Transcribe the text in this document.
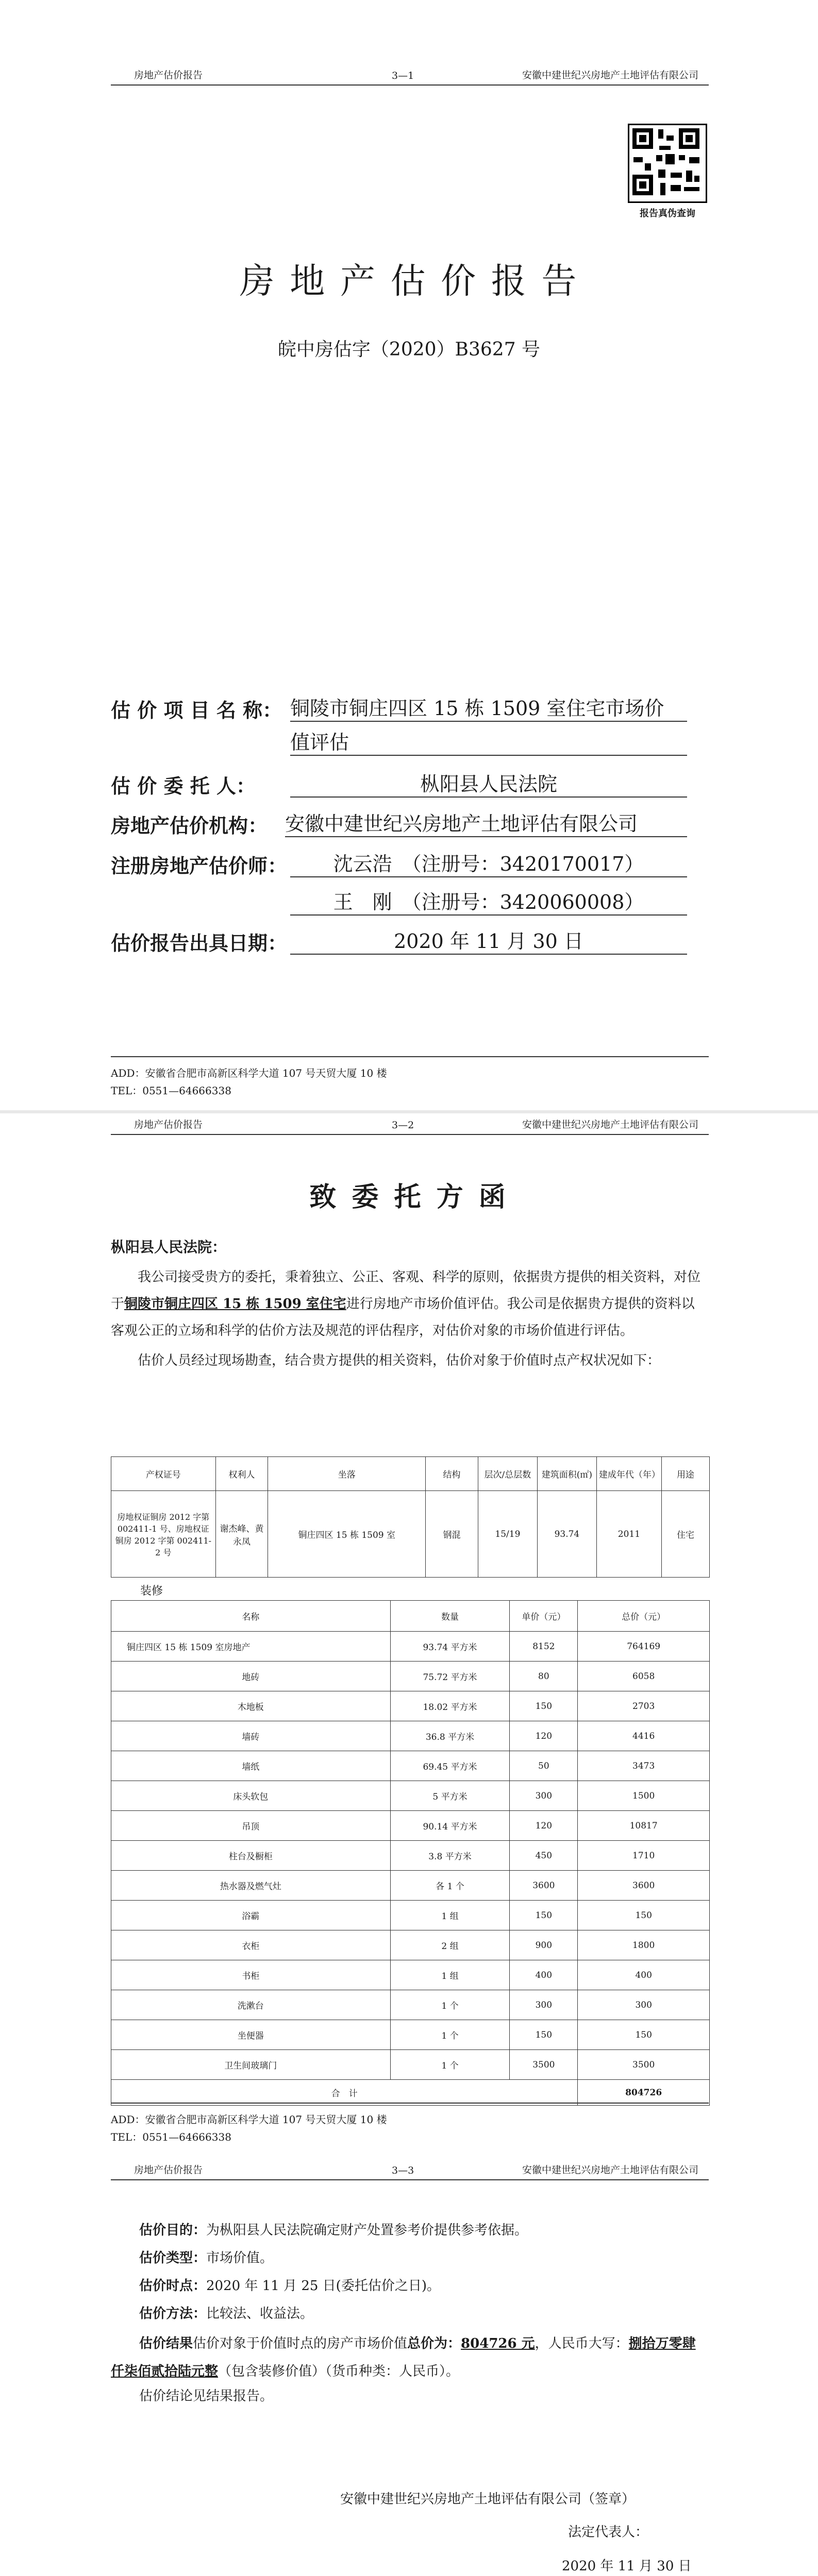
房地产估价报告	3—1	安徽中建世纪兴房地产土地评估有限公司
报告真伪查询
房 地 产 估 价 报 告
皖中房估字（2020）B3627 号
估 价 项 目 名 称： 铜陵市铜庄四区 15 栋 1509 室住宅市场价
值评估
估 价 委 托 人：	枞阳县人民法院
房地产估价机构： 安徽中建世纪兴房地产土地评估有限公司
注册房地产估价师：	沈云浩　（注册号：3420170017）
王　刚　（注册号：3420060008）
估价报告出具日期：	2020 年 11 月 30 日
ADD：安徽省合肥市高新区科学大道 107 号天贸大厦 10 楼
TEL：0551—64666338
房地产估价报告	3—2	安徽中建世纪兴房地产土地评估有限公司
致 委 托 方 函
枞阳县人民法院：

我公司接受贵方的委托，秉着独立、公正、客观、科学的原则，依据贵方提供的相关资料，对位于铜陵市铜庄四区 15 栋 1509 室住宅进行房地产市场价值评估。我公司是依据贵方提供的资料以客观公正的立场和科学的估价方法及规范的评估程序，对估价对象的市场价值进行评估。

估价人员经过现场勘查，结合贵方提供的相关资料，估价对象于价值时点产权状况如下：

产权证号	权利人	坐落	结构	层次/总层数	建筑面积(㎡)	建成年代（年）	用途
房地权证铜房 2012 字第 002411-1 号、房地权证铜房 2012 字第 002411-2 号	谢杰峰、黄永凤	铜庄四区 15 栋 1509 室	钢混	15/19	93.74	2011	住宅
装修
名称	数量	单价（元）	总价（元）
铜庄四区 15 栋 1509 室房地产	93.74 平方米	8152	764169
地砖	75.72 平方米	80	6058
木地板	18.02 平方米	150	2703
墙砖	36.8 平方米	120	4416
墙纸	69.45 平方米	50	3473
床头软包	5 平方米	300	1500
吊顶	90.14 平方米	120	10817
柱台及橱柜	3.8 平方米	450	1710
热水器及燃气灶	各 1 个	3600	3600
浴霸	1 组	150	150
衣柜	2 组	900	1800
书柜	1 组	400	400
洗漱台	1 个	300	300
坐便器	1 个	150	150
卫生间玻璃门	1 个	3500	3500
合　计			804726
ADD：安徽省合肥市高新区科学大道 107 号天贸大厦 10 楼
TEL：0551—64666338
房地产估价报告	3—3	安徽中建世纪兴房地产土地评估有限公司
估价目的：为枞阳县人民法院确定财产处置参考价提供参考依据。
估价类型：市场价值。
估价时点：2020 年 11 月 25 日(委托估价之日)。
估价方法：比较法、收益法。
估价结果估价对象于价值时点的房产市场价值总价为：804726 元，人民币大写：捌拾万零肆仟柒佰贰拾陆元整（包含装修价值）（货币种类：人民币）。
估价结论见结果报告。
安徽中建世纪兴房地产土地评估有限公司（签章）
法定代表人：
2020 年 11 月 30 日
